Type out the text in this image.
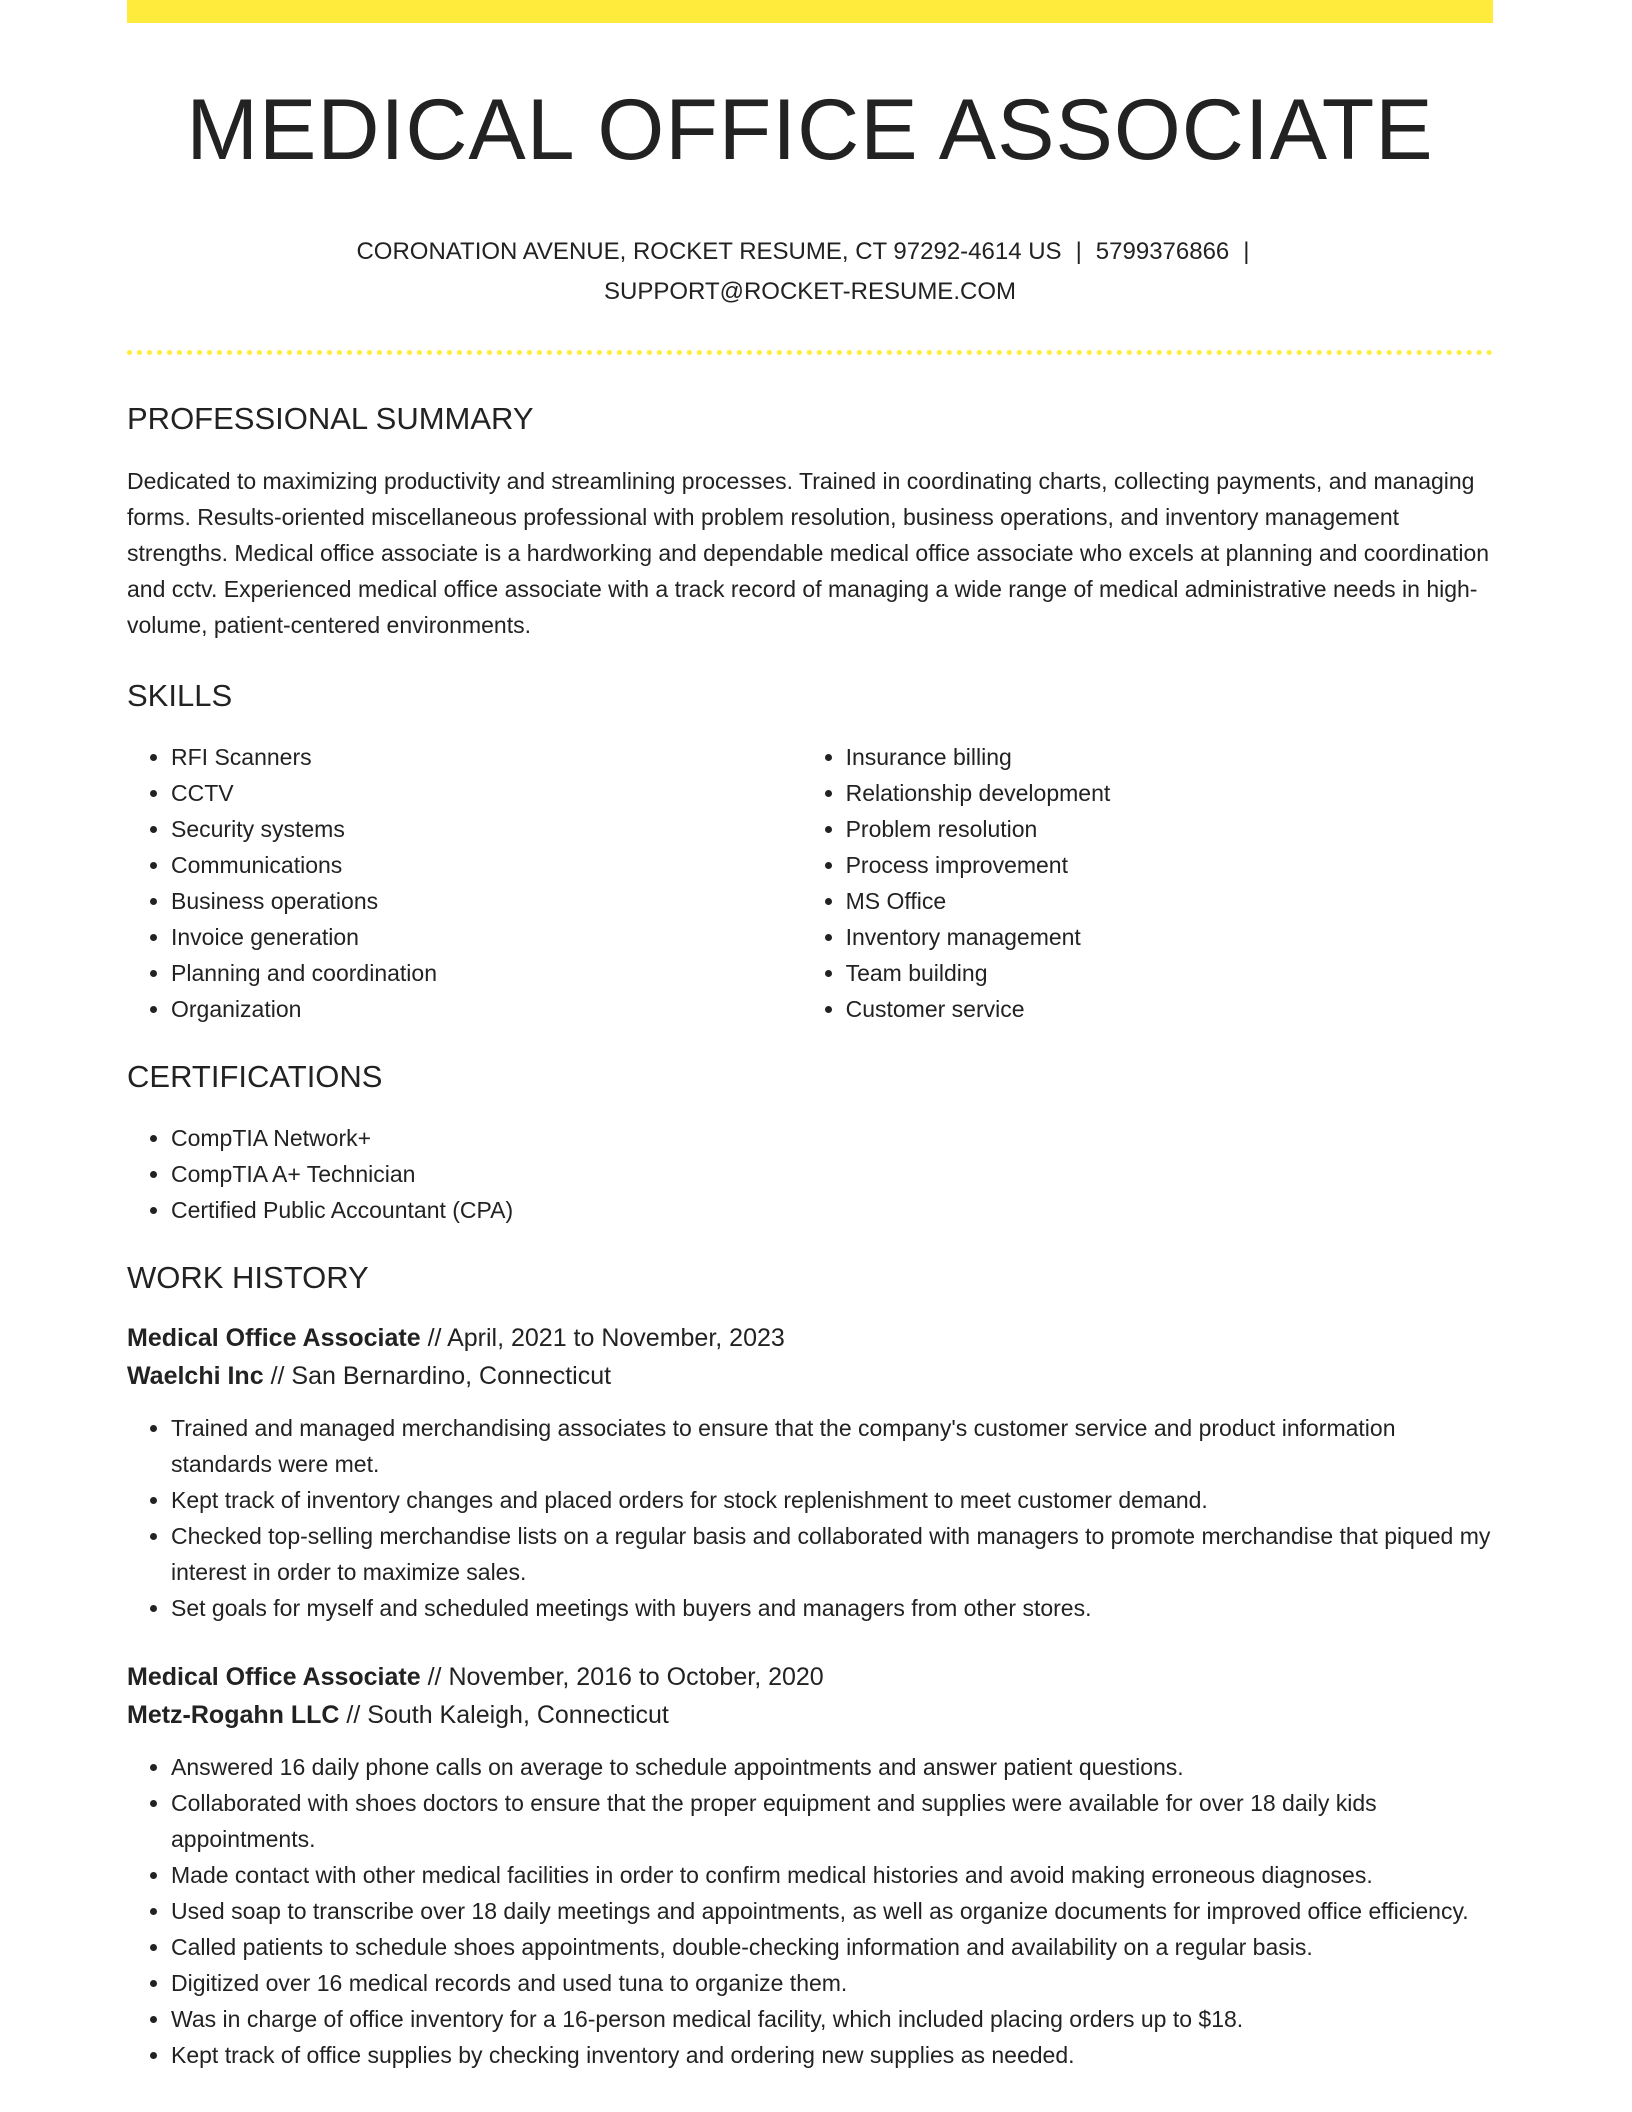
MEDICAL OFFICE ASSOCIATE
CORONATION AVENUE, ROCKET RESUME, CT 97292-4614 US | 5799376866 |
SUPPORT@ROCKET-RESUME.COM
PROFESSIONAL SUMMARY

Dedicated to maximizing productivity and streamlining processes. Trained in coordinating charts, collecting payments, and managing forms. Results-oriented miscellaneous professional with problem resolution, business operations, and inventory management strengths. Medical office associate is a hardworking and dependable medical office associate who excels at planning and coordination and cctv. Experienced medical office associate with a track record of managing a wide range of medical administrative needs in high-volume, patient-centered environments.

SKILLS
• RFI Scanners
• CCTV
• Security systems
• Communications
• Business operations
• Invoice generation
• Planning and coordination
• Organization
• Insurance billing
• Relationship development
• Problem resolution
• Process improvement
• MS Office
• Inventory management
• Team building
• Customer service
CERTIFICATIONS
• CompTIA Network+
• CompTIA A+ Technician
• Certified Public Accountant (CPA)
WORK HISTORY
Medical Office Associate // April, 2021 to November, 2023
Waelchi Inc // San Bernardino, Connecticut
• Trained and managed merchandising associates to ensure that the company's customer service and product information standards were met.
• Kept track of inventory changes and placed orders for stock replenishment to meet customer demand.
• Checked top-selling merchandise lists on a regular basis and collaborated with managers to promote merchandise that piqued my interest in order to maximize sales.
• Set goals for myself and scheduled meetings with buyers and managers from other stores.
Medical Office Associate // November, 2016 to October, 2020
Metz-Rogahn LLC // South Kaleigh, Connecticut
• Answered 16 daily phone calls on average to schedule appointments and answer patient questions.
• Collaborated with shoes doctors to ensure that the proper equipment and supplies were available for over 18 daily kids appointments.
• Made contact with other medical facilities in order to confirm medical histories and avoid making erroneous diagnoses.
• Used soap to transcribe over 18 daily meetings and appointments, as well as organize documents for improved office efficiency.
• Called patients to schedule shoes appointments, double-checking information and availability on a regular basis.
• Digitized over 16 medical records and used tuna to organize them.
• Was in charge of office inventory for a 16-person medical facility, which included placing orders up to $18.
• Kept track of office supplies by checking inventory and ordering new supplies as needed.
